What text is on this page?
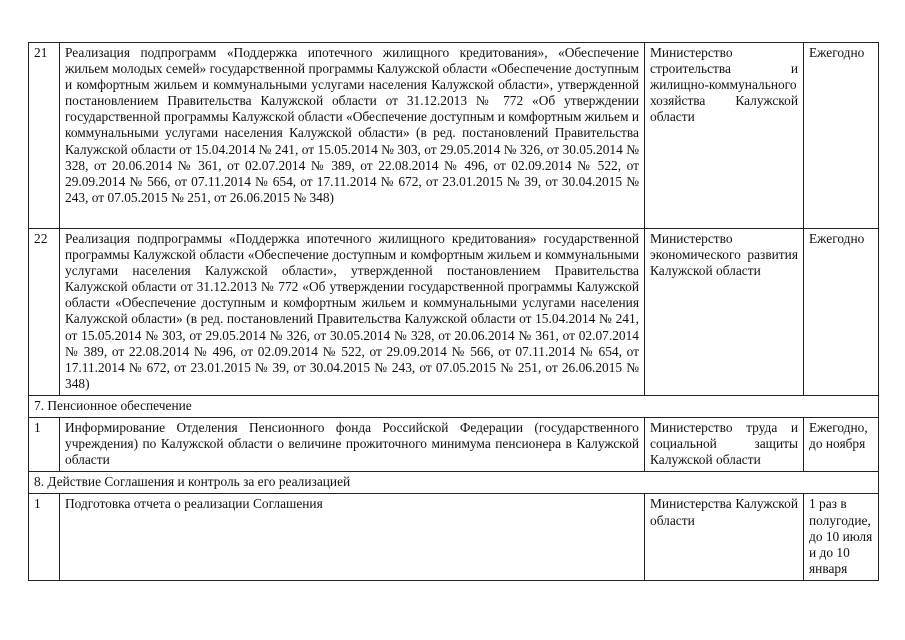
21	Реализация подпрограмм «Поддержка ипотечного жилищного кредитования», «Обеспечение жильем молодых семей» государственной программы Калужской области «Обеспечение доступным и комфортным жильем и коммунальными услугами населения Калужской области», утвержденной постановлением Правительства Калужской области от 31.12.2013 № 772 «Об утверждении государственной программы Калужской области «Обеспечение доступным и комфортным жильем и коммунальными услугами населения Калужской области» (в ред. постановлений Правительства Калужской области от 15.04.2014 № 241, от 15.05.2014 № 303, от 29.05.2014 № 326, от 30.05.2014 № 328, от 20.06.2014 № 361, от 02.07.2014 № 389, от 22.08.2014 № 496, от 02.09.2014 № 522, от 29.09.2014 № 566, от 07.11.2014 № 654, от 17.11.2014 № 672, от 23.01.2015 № 39, от 30.04.2015 № 243, от 07.05.2015 № 251, от 26.06.2015 № 348)	Министерство строительства и жилищно-коммунального хозяйства Калужской области	Ежегодно
22	Реализация подпрограммы «Поддержка ипотечного жилищного кредитования» государственной программы Калужской области «Обеспечение доступным и комфортным жильем и коммунальными услугами населения Калужской области», утвержденной постановлением Правительства Калужской области от 31.12.2013 № 772 «Об утверждении государственной программы Калужской области «Обеспечение доступным и комфортным жильем и коммунальными услугами населения Калужской области» (в ред. постановлений Правительства Калужской области от 15.04.2014 № 241, от 15.05.2014 № 303, от 29.05.2014 № 326, от 30.05.2014 № 328, от 20.06.2014 № 361, от 02.07.2014 № 389, от 22.08.2014 № 496, от 02.09.2014 № 522, от 29.09.2014 № 566, от 07.11.2014 № 654, от 17.11.2014 № 672, от 23.01.2015 № 39, от 30.04.2015 № 243, от 07.05.2015 № 251, от 26.06.2015 № 348)	Министерство экономического развития Калужской области	Ежегодно
7. Пенсионное обеспечение			
1	Информирование Отделения Пенсионного фонда Российской Федерации (государственного учреждения) по Калужской области о величине прожиточного минимума пенсионера в Калужской области	Министерство труда и социальной защиты Калужской области	Ежегодно, до ноября
8. Действие Соглашения и контроль за его реализацией			
1	Подготовка отчета о реализации Соглашения	Министерства Калужской области	1 раз в полугодие, до 10 июля и до 10 января
